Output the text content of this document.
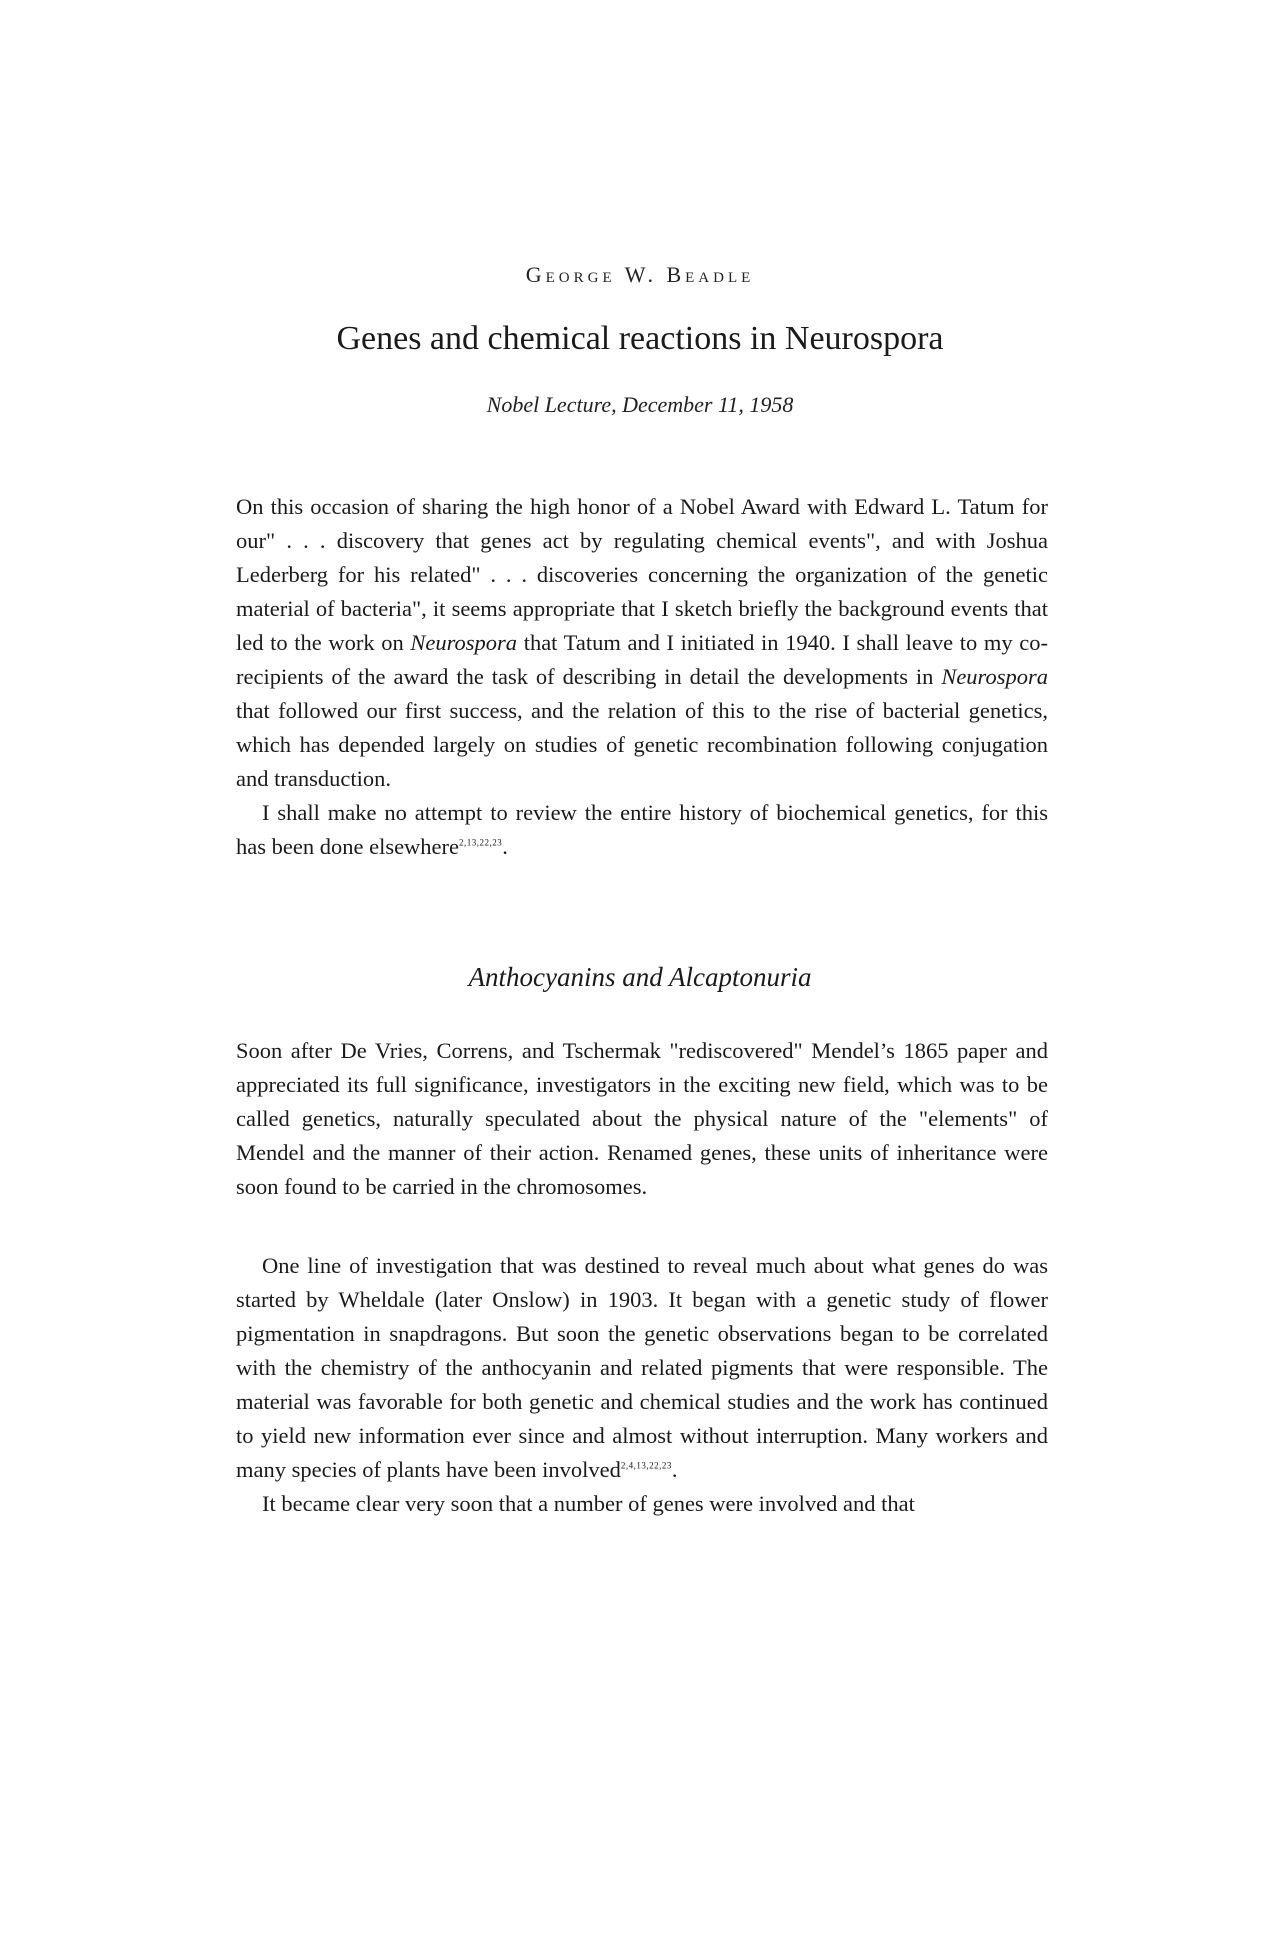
George W. Beadle
Genes and chemical reactions in Neurospora
Nobel Lecture, December 11, 1958

On this occasion of sharing the high honor of a Nobel Award with Edward L. Tatum for our" . . . discovery that genes act by regulating chemical events", and with Joshua Lederberg for his related" . . . discoveries concerning the organization of the genetic material of bacteria", it seems appropriate that I sketch briefly the background events that led to the work on Neurospora that Tatum and I initiated in 1940. I shall leave to my co-recipients of the award the task of describing in detail the developments in Neurospora that followed our first success, and the relation of this to the rise of bacterial genetics, which has depended largely on studies of genetic recombination following conjugation and transduction.

I shall make no attempt to review the entire history of biochemical genetics, for this has been done elsewhere$^{2,13,22,23}$.

Anthocyanins and Alcaptonuria

Soon after De Vries, Correns, and Tschermak "rediscovered" Mendel’s 1865 paper and appreciated its full significance, investigators in the exciting new field, which was to be called genetics, naturally speculated about the physical nature of the "elements" of Mendel and the manner of their action. Renamed genes, these units of inheritance were soon found to be carried in the chromosomes.

One line of investigation that was destined to reveal much about what genes do was started by Wheldale (later Onslow) in 1903. It began with a genetic study of flower pigmentation in snapdragons. But soon the genetic observations began to be correlated with the chemistry of the anthocyanin and related pigments that were responsible. The material was favorable for both genetic and chemical studies and the work has continued to yield new information ever since and almost without interruption. Many workers and many species of plants have been involved$^{2,4,13,22,23}$.

It became clear very soon that a number of genes were involved and that
